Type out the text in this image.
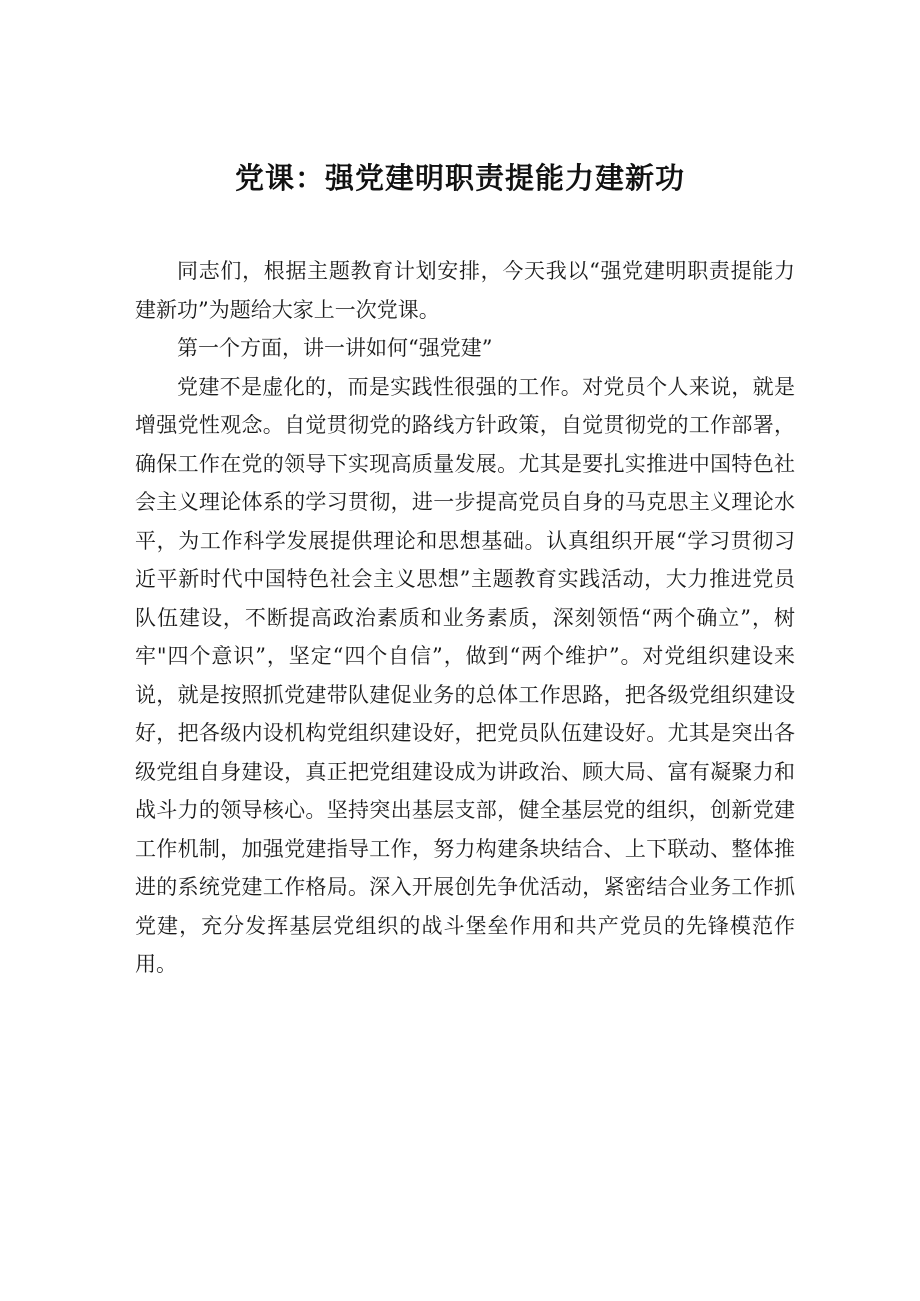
党课：强党建明职责提能力建新功

同志们，根据主题教育计划安排，今天我以“强党建明职责提能力建新功”为题给大家上一次党课。

第一个方面，讲一讲如何“强党建”

党建不是虚化的，而是实践性很强的工作。对党员个人来说，就是增强党性观念。自觉贯彻党的路线方针政策，自觉贯彻党的工作部署，确保工作在党的领导下实现高质量发展。尤其是要扎实推进中国特色社会主义理论体系的学习贯彻，进一步提高党员自身的马克思主义理论水平，为工作科学发展提供理论和思想基础。认真组织开展“学习贯彻习近平新时代中国特色社会主义思想”主题教育实践活动，大力推进党员队伍建设，不断提高政治素质和业务素质，深刻领悟“两个确立”，树牢"四个意识”，坚定“四个自信”，做到“两个维护”。对党组织建设来说，就是按照抓党建带队建促业务的总体工作思路，把各级党组织建设好，把各级内设机构党组织建设好，把党员队伍建设好。尤其是突出各级党组自身建设，真正把党组建设成为讲政治、顾大局、富有凝聚力和战斗力的领导核心。坚持突出基层支部，健全基层党的组织，创新党建工作机制，加强党建指导工作，努力构建条块结合、上下联动、整体推进的系统党建工作格局。深入开展创先争优活动，紧密结合业务工作抓党建，充分发挥基层党组织的战斗堡垒作用和共产党员的先锋模范作用。
